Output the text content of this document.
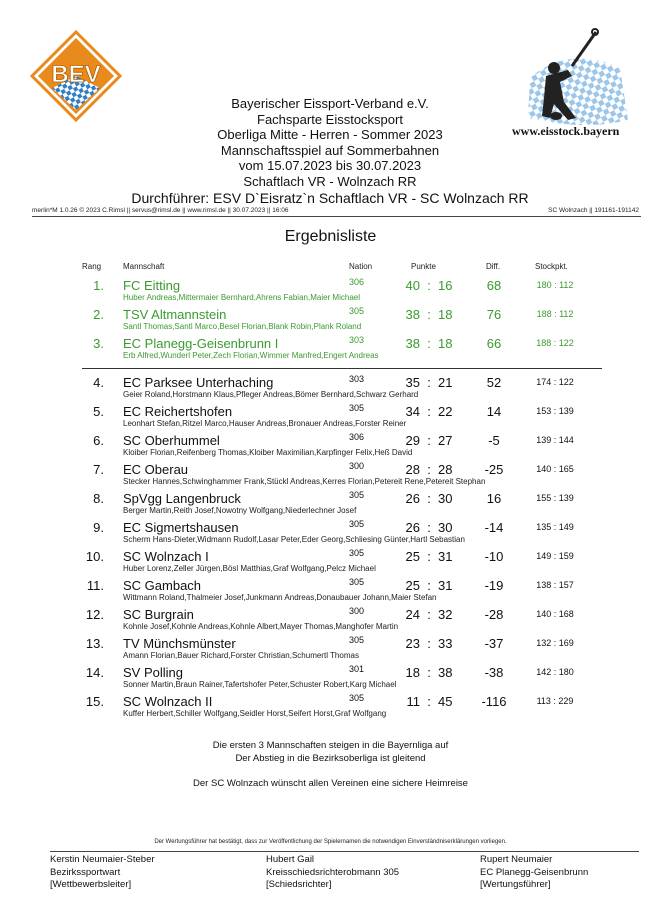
BEV
www.eisstock.bayern
Bayerischer Eissport-Verband e.V.
Fachsparte Eisstocksport
Oberliga Mitte - Herren - Sommer 2023
Mannschaftsspiel auf Sommerbahnen
vom 15.07.2023 bis 30.07.2023
Schaftlach VR - Wolnzach RR
Durchführer: ESV D`Eisratz`n Schaftlach VR - SC Wolnzach RR
merlin*M 1.0.26 © 2023 C.Rimsl || servus@rimsl.de || www.rimsl.de || 30.07.2023 || 16:06	SC Wolnzach || 191161-191142
Ergebnisliste
Rang	Mannschaft	Nation	Punkte	Diff.	Stockpkt.
1. FC Eitting
Huber Andreas,Mittermaier Bernhard,Ahrens Fabian,Maier Michael
306	40 : 16	68	180 : 112
2. TSV Altmannstein
Santl Thomas,Santl Marco,Besel Florian,Blank Robin,Plank Roland
305	38 : 18	76	188 : 112
3. EC Planegg-Geisenbrunn I
Erb Alfred,Wunderl Peter,Zech Florian,Wimmer Manfred,Engert Andreas
303	38 : 18	66	188 : 122
4. EC Parksee Unterhaching
Geier Roland,Horstmann Klaus,Pfleger Andreas,Bömer Bernhard,Schwarz Gerhard
303	35 : 21	52	174 : 122
5. EC Reichertshofen
Leonhart Stefan,Ritzel Marco,Hauser Andreas,Bronauer Andreas,Forster Reiner
305	34 : 22	14	153 : 139
6. SC Oberhummel
Kloiber Florian,Reifenberg Thomas,Kloiber Maximilian,Karpfinger Felix,Heß David
306	29 : 27	-5	139 : 144
7. EC Oberau
Stecker Hannes,Schwinghammer Frank,Stückl Andreas,Kerres Florian,Petereit Rene,Petereit Stephan
300	28 : 28	-25	140 : 165
8. SpVgg Langenbruck
Berger Martin,Reith Josef,Nowotny Wolfgang,Niederlechner Josef
305	26 : 30	16	155 : 139
9. EC Sigmertshausen
Scherm Hans-Dieter,Widmann Rudolf,Lasar Peter,Eder Georg,Schliesing Günter,Hartl Sebastian
305	26 : 30	-14	135 : 149
10. SC Wolnzach I
Huber Lorenz,Zeller Jürgen,Bösl Matthias,Graf Wolfgang,Pelcz Michael
305	25 : 31	-10	149 : 159
11. SC Gambach
Wittmann Roland,Thalmeier Josef,Junkmann Andreas,Donaubauer Johann,Maier Stefan
305	25 : 31	-19	138 : 157
12. SC Burgrain
Kohnle Josef,Kohnle Andreas,Kohnle Albert,Mayer Thomas,Manghofer Martin
300	24 : 32	-28	140 : 168
13. TV Münchsmünster
Amann Florian,Bauer Richard,Forster Christian,Schumertl Thomas
305	23 : 33	-37	132 : 169
14. SV Polling
Sonner Martin,Braun Rainer,Tafertshofer Peter,Schuster Robert,Karg Michael
301	18 : 38	-38	142 : 180
15. SC Wolnzach II
Kuffer Herbert,Schiller Wolfgang,Seidler Horst,Seifert Horst,Graf Wolfgang
305	11 : 45	-116	113 : 229
Die ersten 3 Mannschaften steigen in die Bayernliga auf
Der Abstieg in die Bezirksoberliga ist gleitend
Der SC Wolnzach wünscht allen Vereinen eine sichere Heimreise
Der Wertungsführer hat bestätigt, dass zur Veröffentlichung der Spielernamen die notwendigen Einverständniserklärungen vorliegen.
Kerstin Neumaier-Steber
Bezirkssportwart
[Wettbewerbsleiter]
Hubert Gail
Kreisschiedsrichterobmann 305
[Schiedsrichter]
Rupert Neumaier
EC Planegg-Geisenbrunn
[Wertungsführer]
